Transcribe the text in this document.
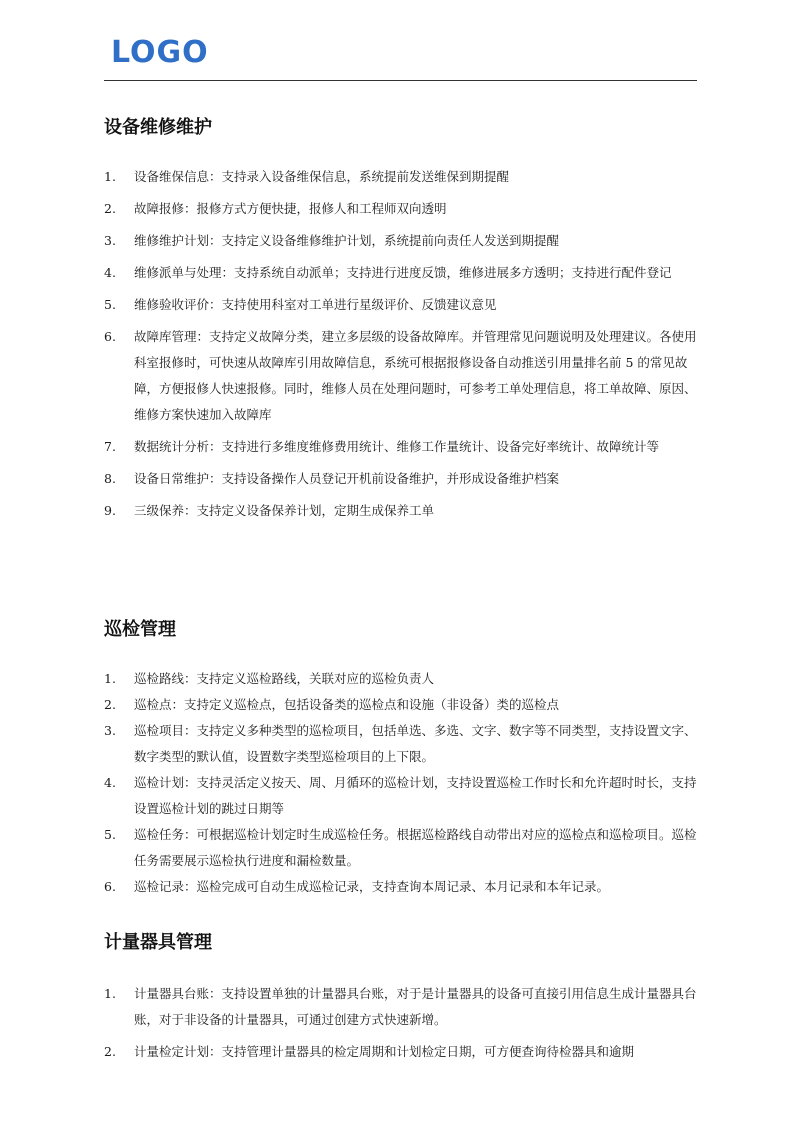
LOGO
设备维修维护
1.	设备维保信息：支持录入设备维保信息，系统提前发送维保到期提醒
2.	故障报修：报修方式方便快捷，报修人和工程师双向透明
3.	维修维护计划：支持定义设备维修维护计划，系统提前向责任人发送到期提醒
4.	维修派单与处理：支持系统自动派单；支持进行进度反馈，维修进展多方透明；支持进行配件登记
5.	维修验收评价：支持使用科室对工单进行星级评价、反馈建议意见
6.	故障库管理：支持定义故障分类，建立多层级的设备故障库。并管理常见问题说明及处理建议。各使用科室报修时，可快速从故障库引用故障信息，系统可根据报修设备自动推送引用量排名前 5 的常见故障，方便报修人快速报修。同时，维修人员在处理问题时，可参考工单处理信息，将工单故障、原因、维修方案快速加入故障库
7.	数据统计分析：支持进行多维度维修费用统计、维修工作量统计、设备完好率统计、故障统计等
8.	设备日常维护：支持设备操作人员登记开机前设备维护，并形成设备维护档案
9.	三级保养：支持定义设备保养计划，定期生成保养工单
巡检管理
1.	巡检路线：支持定义巡检路线，关联对应的巡检负责人
2.	巡检点：支持定义巡检点，包括设备类的巡检点和设施（非设备）类的巡检点
3.	巡检项目：支持定义多种类型的巡检项目，包括单选、多选、文字、数字等不同类型，支持设置文字、数字类型的默认值，设置数字类型巡检项目的上下限。
4.	巡检计划：支持灵活定义按天、周、月循环的巡检计划，支持设置巡检工作时长和允许超时时长，支持设置巡检计划的跳过日期等
5.	巡检任务：可根据巡检计划定时生成巡检任务。根据巡检路线自动带出对应的巡检点和巡检项目。巡检任务需要展示巡检执行进度和漏检数量。
6.	巡检记录：巡检完成可自动生成巡检记录，支持查询本周记录、本月记录和本年记录。
计量器具管理
1.	计量器具台账：支持设置单独的计量器具台账，对于是计量器具的设备可直接引用信息生成计量器具台账，对于非设备的计量器具，可通过创建方式快速新增。
2.	计量检定计划：支持管理计量器具的检定周期和计划检定日期，可方便查询待检器具和逾期
